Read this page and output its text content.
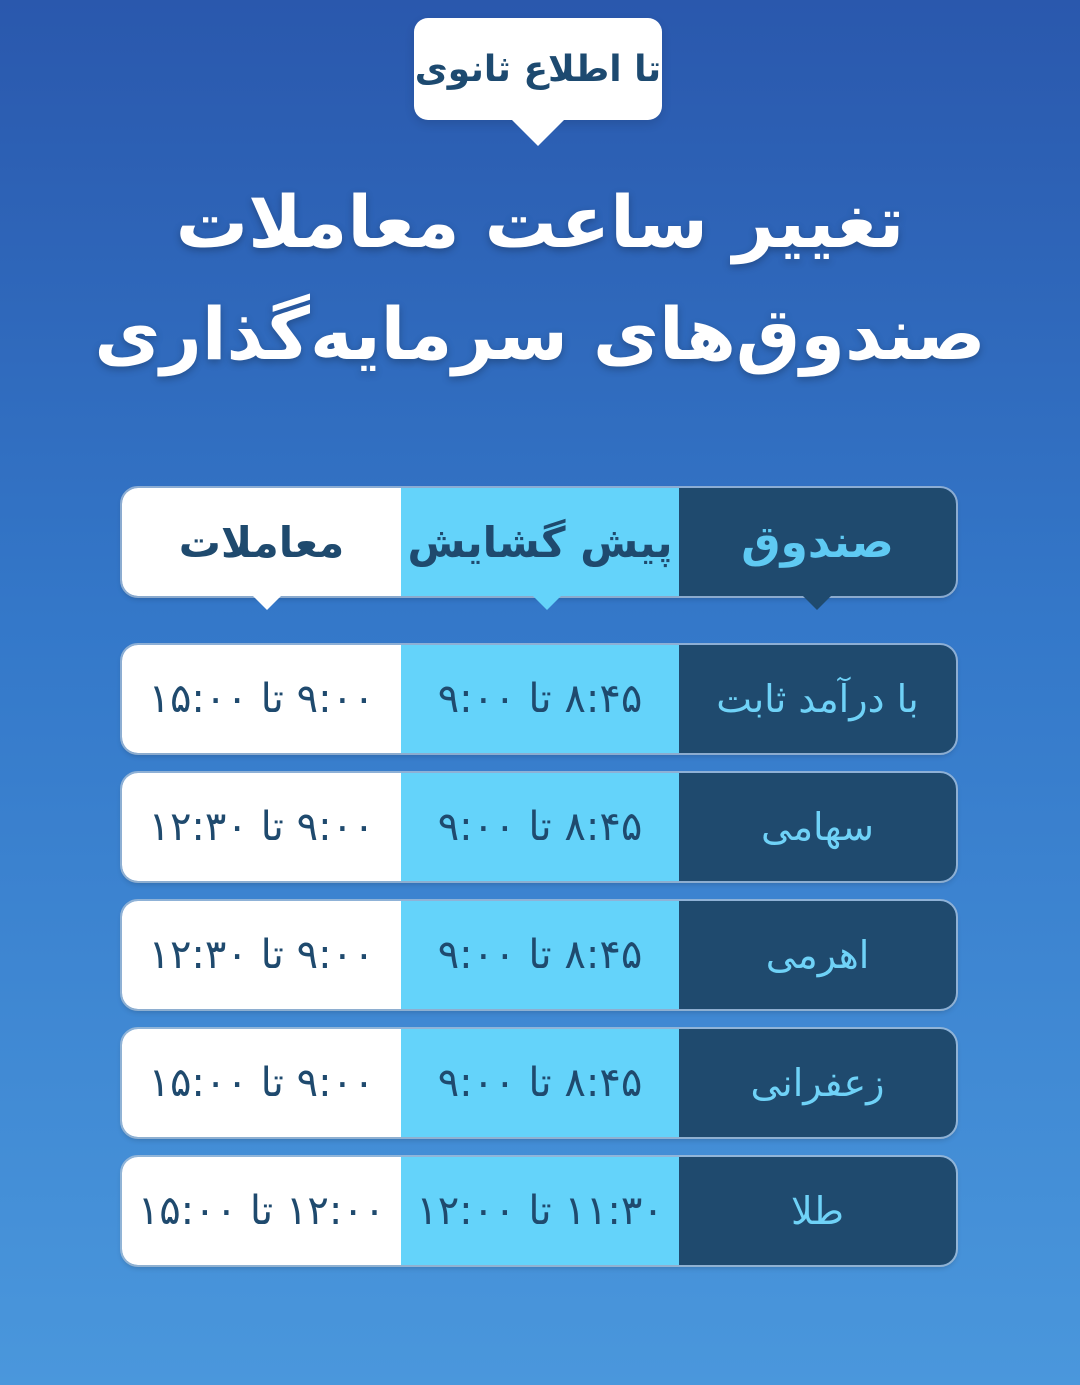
تا اطلاع ثانوی
تغییر ساعت معاملات
صندوق‌های سرمایه‌گذاری
صندوق
پیش گشایش
معاملات
با درآمد ثابت
۸:۴۵ تا ۹:۰۰
۹:۰۰ تا ۱۵:۰۰
سهامی
۸:۴۵ تا ۹:۰۰
۹:۰۰ تا ۱۲:۳۰
اهرمی
۸:۴۵ تا ۹:۰۰
۹:۰۰ تا ۱۲:۳۰
زعفرانی
۸:۴۵ تا ۹:۰۰
۹:۰۰ تا ۱۵:۰۰
طلا
۱۱:۳۰ تا ۱۲:۰۰
۱۲:۰۰ تا ۱۵:۰۰
